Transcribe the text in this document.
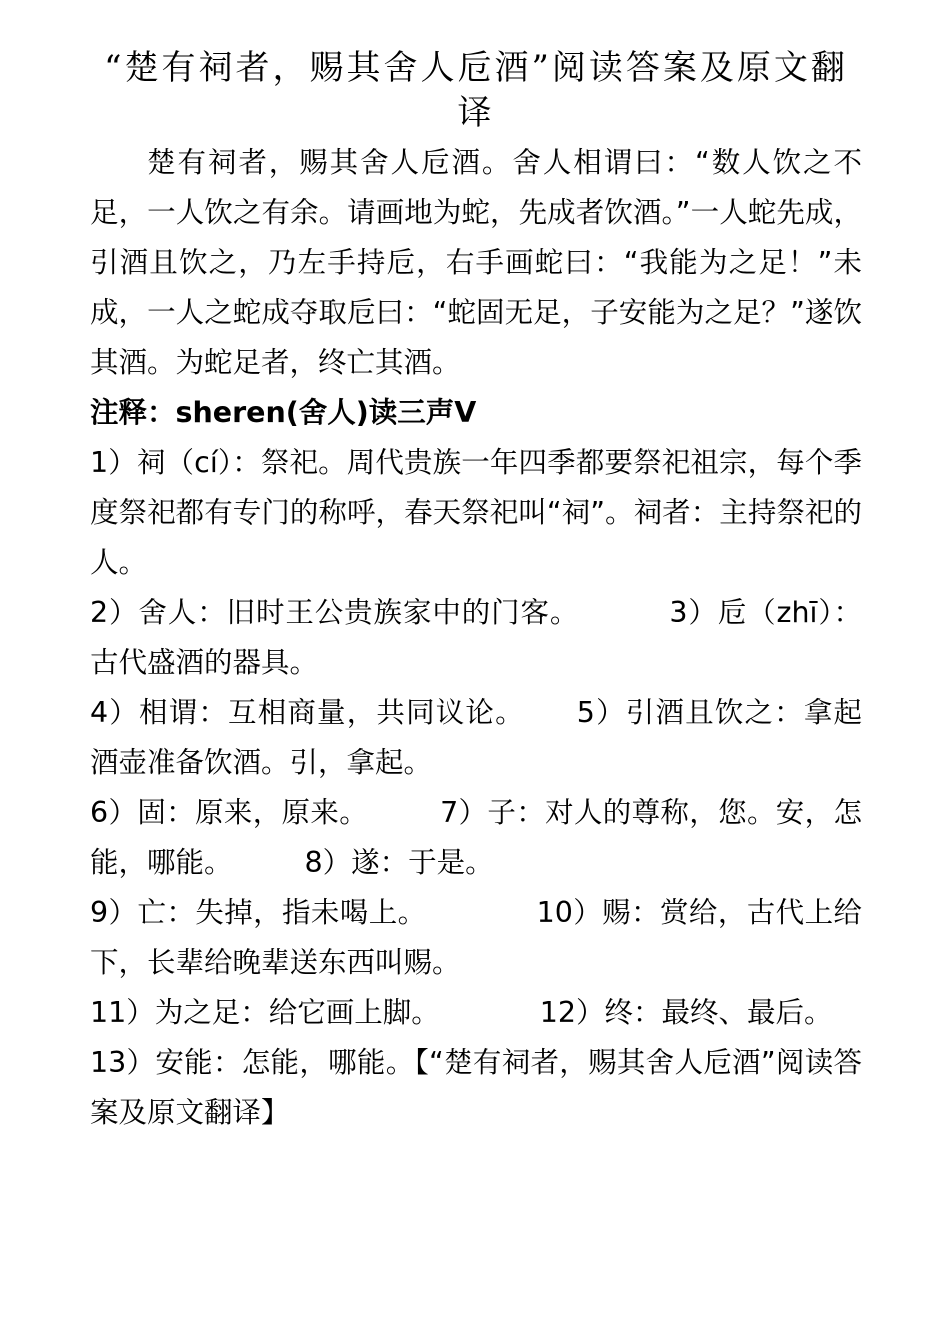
“楚有祠者，赐其舍人卮酒”阅读答案及原文翻译

楚有祠者，赐其舍人卮酒。舍人相谓曰：“数人饮之不足，一人饮之有余。请画地为蛇，先成者饮酒。”一人蛇先成，引酒且饮之，乃左手持卮，右手画蛇曰：“我能为之足！”未成，一人之蛇成夺取卮曰：“蛇固无足，子安能为之足？”遂饮其酒。为蛇足者，终亡其酒。

注释：sheren(舍人)读三声V

1）祠（cí）：祭祀。周代贵族一年四季都要祭祀祖宗，每个季度祭祀都有专门的称呼，春天祭祀叫“祠”。祠者：主持祭祀的人。

2）舍人：旧时王公贵族家中的门客。	3）卮（zhī）： 古代盛酒的器具。

4）相谓：互相商量，共同议论。 5）引酒且饮之：拿起酒壶准备饮酒。引，拿起。

6）固：原来，原来。	7）子：对人的尊称，您。安，怎能，哪能。	8）遂：于是。

9）亡：失掉，指未喝上。	10）赐：赏给，古代上给下，长辈给晚辈送东西叫赐。

11）为之足：给它画上脚。	12）终：最终、最后。

13）安能：怎能，哪能。【“楚有祠者，赐其舍人卮酒”阅读答案及原文翻译】
